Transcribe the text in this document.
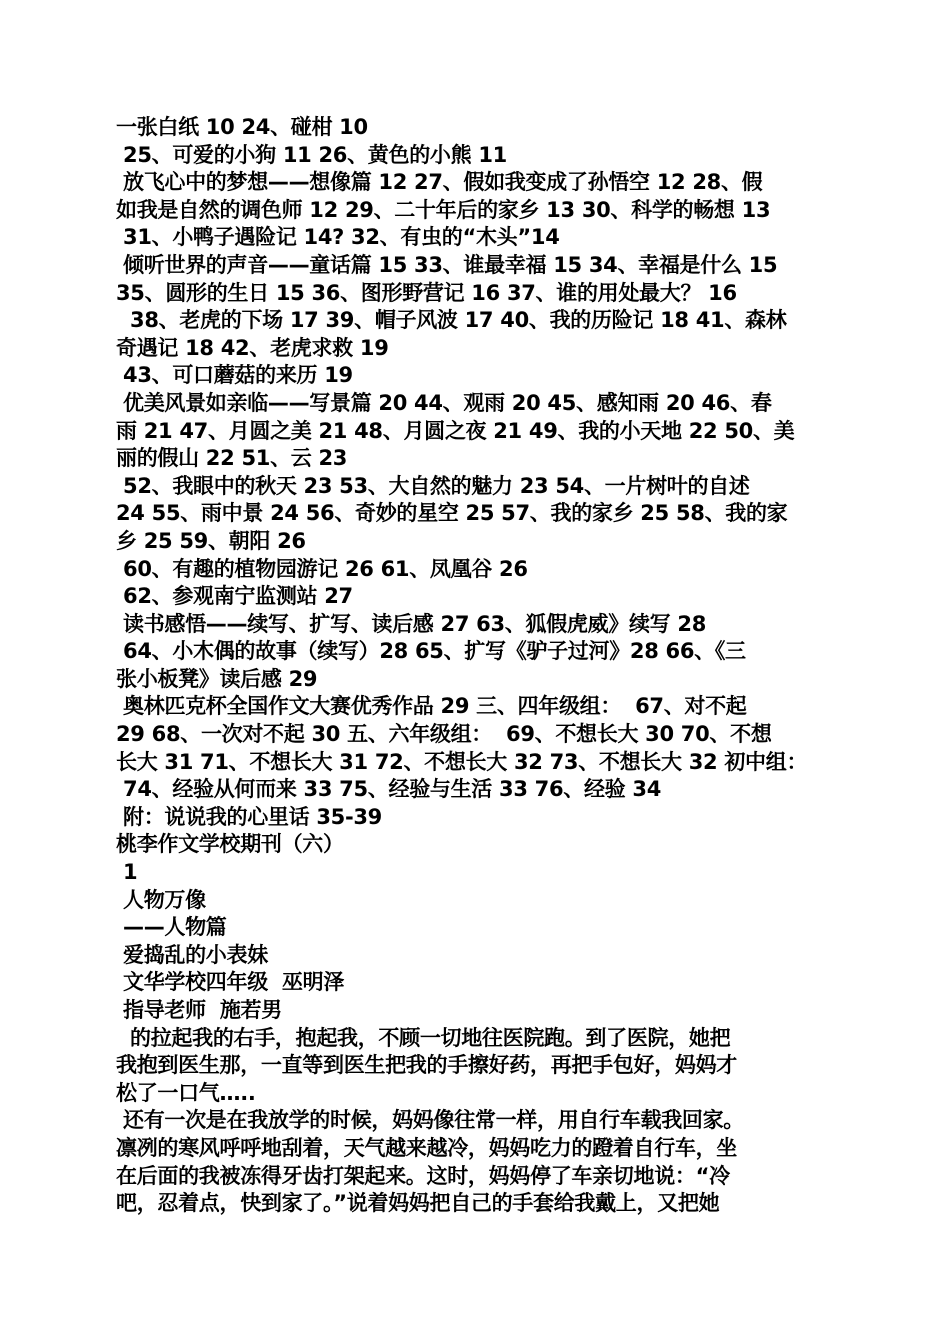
一张白纸 10 24、碰柑 10
25、可爱的小狗 11 26、黄色的小熊 11
放飞心中的梦想——想像篇 12 27、假如我变成了孙悟空 12 28、假
如我是自然的调色师 12 29、二十年后的家乡 13 30、科学的畅想 13
31、小鸭子遇险记 14? 32、有虫的“木头”14
倾听世界的声音——童话篇 15 33、谁最幸福 15 34、幸福是什么 15
35、圆形的生日 15 36、图形野营记 16 37、谁的用处最大？ 16
38、老虎的下场 17 39、帽子风波 17 40、我的历险记 18 41、森林
奇遇记 18 42、老虎求救 19
43、可口蘑菇的来历 19
优美风景如亲临——写景篇 20 44、观雨 20 45、感知雨 20 46、春
雨 21 47、月圆之美 21 48、月圆之夜 21 49、我的小天地 22 50、美
丽的假山 22 51、云 23
52、我眼中的秋天 23 53、大自然的魅力 23 54、一片树叶的自述
24 55、雨中景 24 56、奇妙的星空 25 57、我的家乡 25 58、我的家
乡 25 59、朝阳 26
60、有趣的植物园游记 26 61、凤凰谷 26
62、参观南宁监测站 27
读书感悟——续写、扩写、读后感 27 63、狐假虎威》续写 28
64、小木偶的故事（续写）28 65、扩写《驴子过河》28 66、《三
张小板凳》读后感 29
奥林匹克杯全国作文大赛优秀作品 29 三、四年级组：  67、对不起
29 68、一次对不起 30 五、六年级组：  69、不想长大 30 70、不想
长大 31 71、不想长大 31 72、不想长大 32 73、不想长大 32 初中组：
74、经验从何而来 33 75、经验与生活 33 76、经验 34
附：说说我的心里话 35-39
桃李作文学校期刊（六）
1
人物万像
——人物篇
爱捣乱的小表妹
文华学校四年级  巫明泽
指导老师  施若男
的拉起我的右手，抱起我，不顾一切地往医院跑。到了医院，她把
我抱到医生那，一直等到医生把我的手擦好药，再把手包好，妈妈才
松了一口气…..
还有一次是在我放学的时候，妈妈像往常一样，用自行车载我回家。
凛冽的寒风呼呼地刮着，天气越来越冷，妈妈吃力的蹬着自行车，坐
在后面的我被冻得牙齿打架起来。这时，妈妈停了车亲切地说：“冷
吧，忍着点，快到家了。”说着妈妈把自己的手套给我戴上，又把她
